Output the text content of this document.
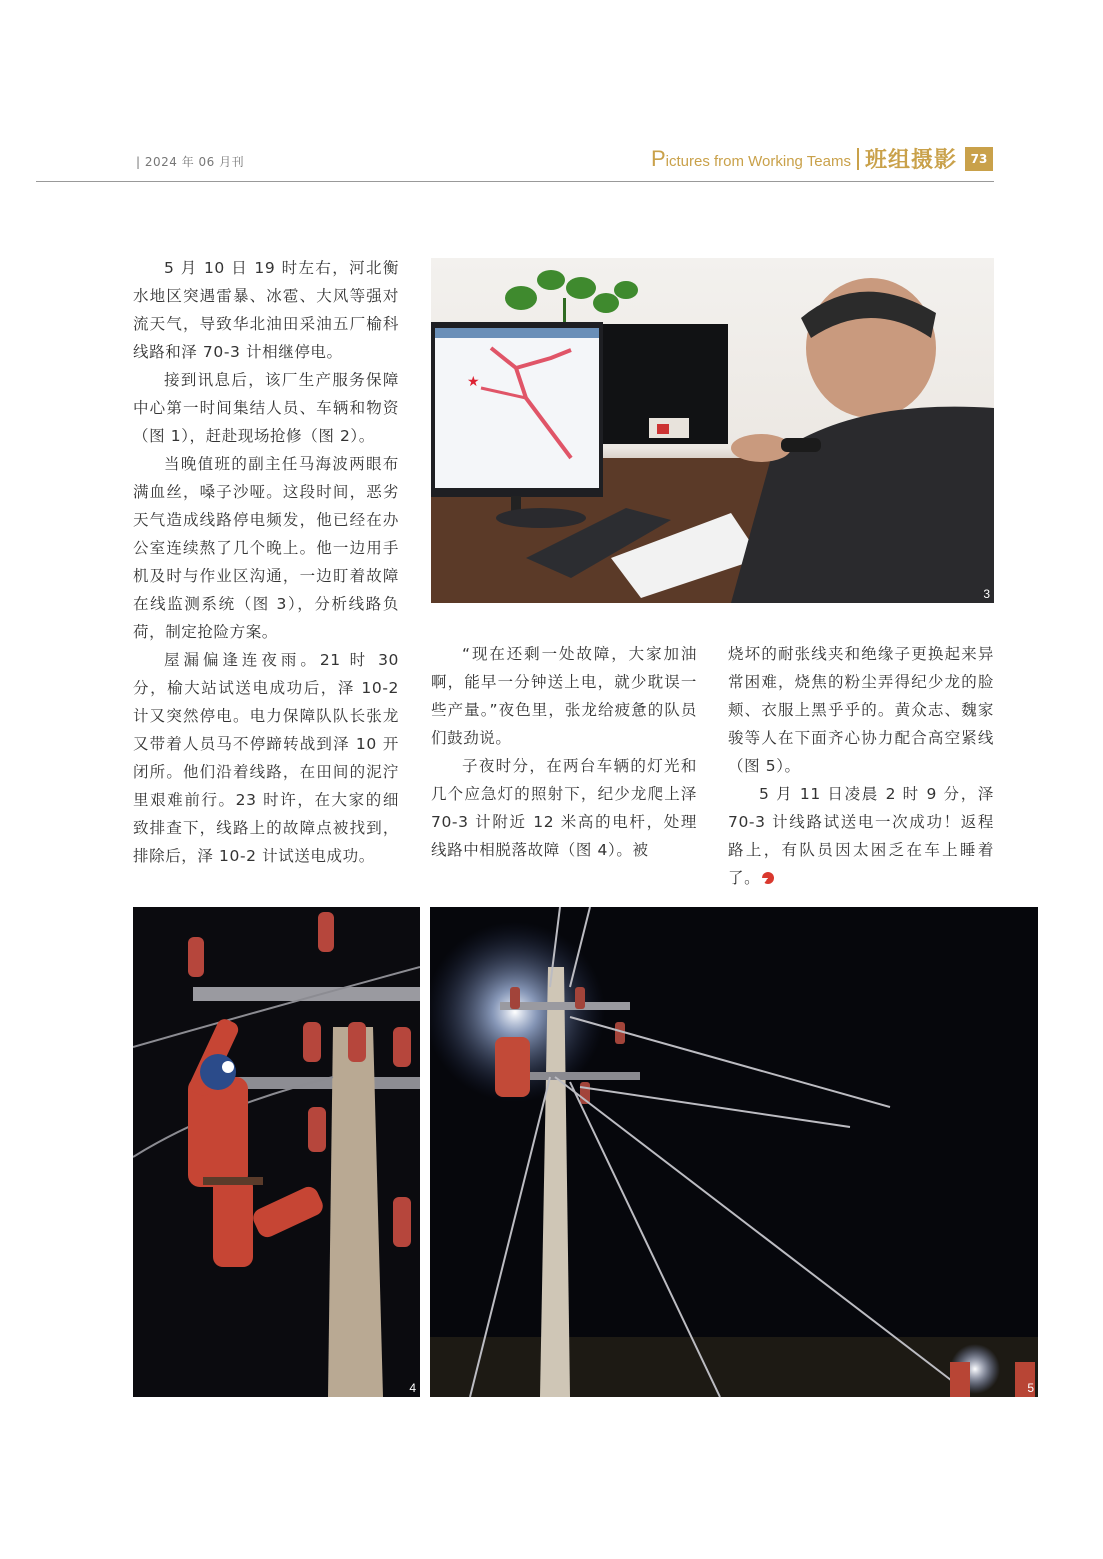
| 2024 年 06 月刊	Pictures from Working Teams 班组摄影	73

5 月 10 日 19 时左右，河北衡水地区突遇雷暴、冰雹、大风等强对流天气，导致华北油田采油五厂榆科线路和泽 70-3 计相继停电。

接到讯息后，该厂生产服务保障中心第一时间集结人员、车辆和物资（图 1），赶赴现场抢修（图 2）。

当晚值班的副主任马海波两眼布满血丝，嗓子沙哑。这段时间，恶劣天气造成线路停电频发，他已经在办公室连续熬了几个晚上。他一边用手机及时与作业区沟通，一边盯着故障在线监测系统（图 3），分析线路负荷，制定抢险方案。

屋漏偏逢连夜雨。21 时 30 分，榆大站试送电成功后，泽 10-2 计又突然停电。电力保障队队长张龙又带着人员马不停蹄转战到泽 10 开闭所。他们沿着线路，在田间的泥泞里艰难前行。23 时许，在大家的细致排查下，线路上的故障点被找到，排除后，泽 10-2 计试送电成功。

“现在还剩一处故障，大家加油啊，能早一分钟送上电，就少耽误一些产量。”夜色里，张龙给疲惫的队员们鼓劲说。

子夜时分，在两台车辆的灯光和几个应急灯的照射下，纪少龙爬上泽 70-3 计附近 12 米高的电杆，处理线路中相脱落故障（图 4）。被

烧坏的耐张线夹和绝缘子更换起来异常困难，烧焦的粉尘弄得纪少龙的脸颊、衣服上黑乎乎的。黄众志、魏家骏等人在下面齐心协力配合高空紧线（图 5）。

5 月 11 日凌晨 2 时 9 分，泽 70-3 计线路试送电一次成功！返程路上，有队员因太困乏在车上睡着了。

★
3
4	5
